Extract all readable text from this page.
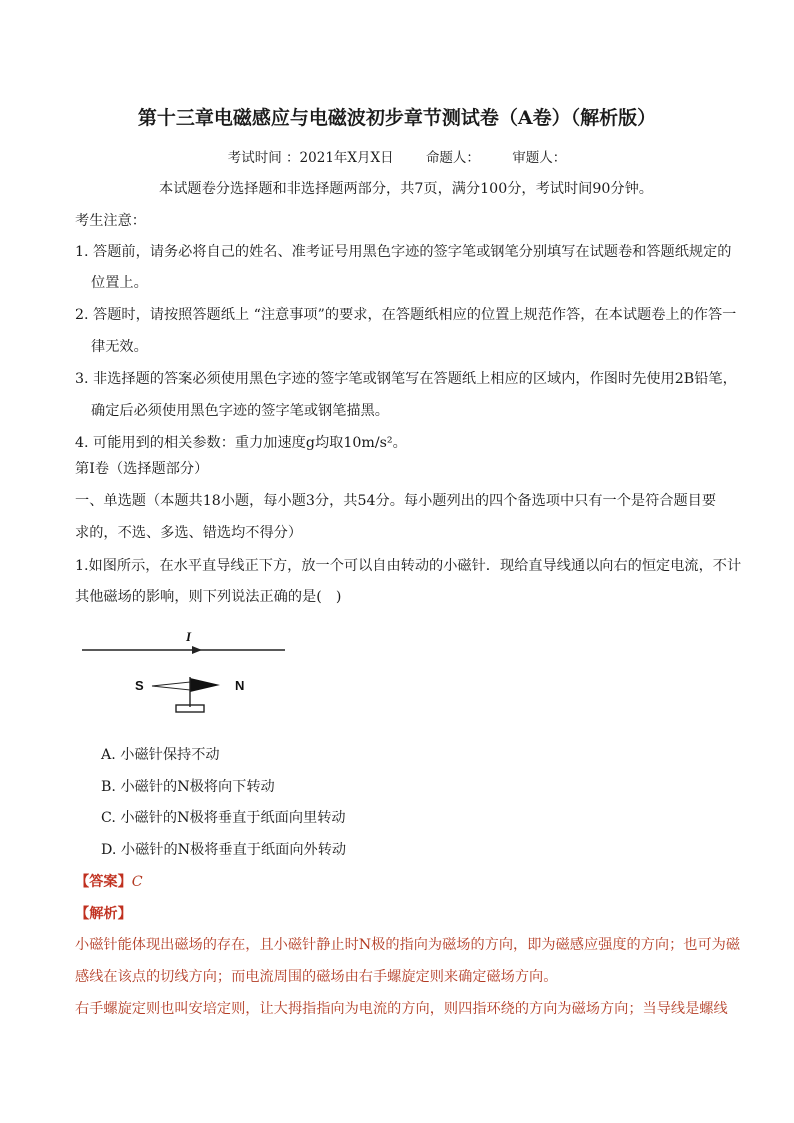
第十三章电磁感应与电磁波初步章节测试卷（A卷）（解析版）
考试时间 ：2021年X月X日 命题人： 审题人：
本试题卷分选择题和非选择题两部分，共7页，满分100分，考试时间90分钟。
考生注意：
1. 答题前，请务必将自己的姓名、准考证号用黑色字迹的签字笔或钢笔分别填写在试题卷和答题纸规定的
位置上。
2. 答题时，请按照答题纸上 “注意事项”的要求，在答题纸相应的位置上规范作答，在本试题卷上的作答一
律无效。
3. 非选择题的答案必须使用黑色字迹的签字笔或钢笔写在答题纸上相应的区域内，作图时先使用2B铅笔，
确定后必须使用黑色字迹的签字笔或钢笔描黑。
4. 可能用到的相关参数：重力加速度g均取10m/s²。
第Ⅰ卷（选择题部分）
一、单选题（本题共18小题，每小题3分，共54分。每小题列出的四个备选项中只有一个是符合题目要
求的，不选、多选、错选均不得分）
1.如图所示，在水平直导线正下方，放一个可以自由转动的小磁针．现给直导线通以向右的恒定电流，不计
其他磁场的影响，则下列说法正确的是(　)
I
S	N
A. 小磁针保持不动
B. 小磁针的N极将向下转动
C. 小磁针的N极将垂直于纸面向里转动
D. 小磁针的N极将垂直于纸面向外转动
【答案】C
【解析】
小磁针能体现出磁场的存在，且小磁针静止时N极的指向为磁场的方向，即为磁感应强度的方向；也可为磁
感线在该点的切线方向；而电流周围的磁场由右手螺旋定则来确定磁场方向。
右手螺旋定则也叫安培定则，让大拇指指向为电流的方向，则四指环绕的方向为磁场方向；当导线是螺线
